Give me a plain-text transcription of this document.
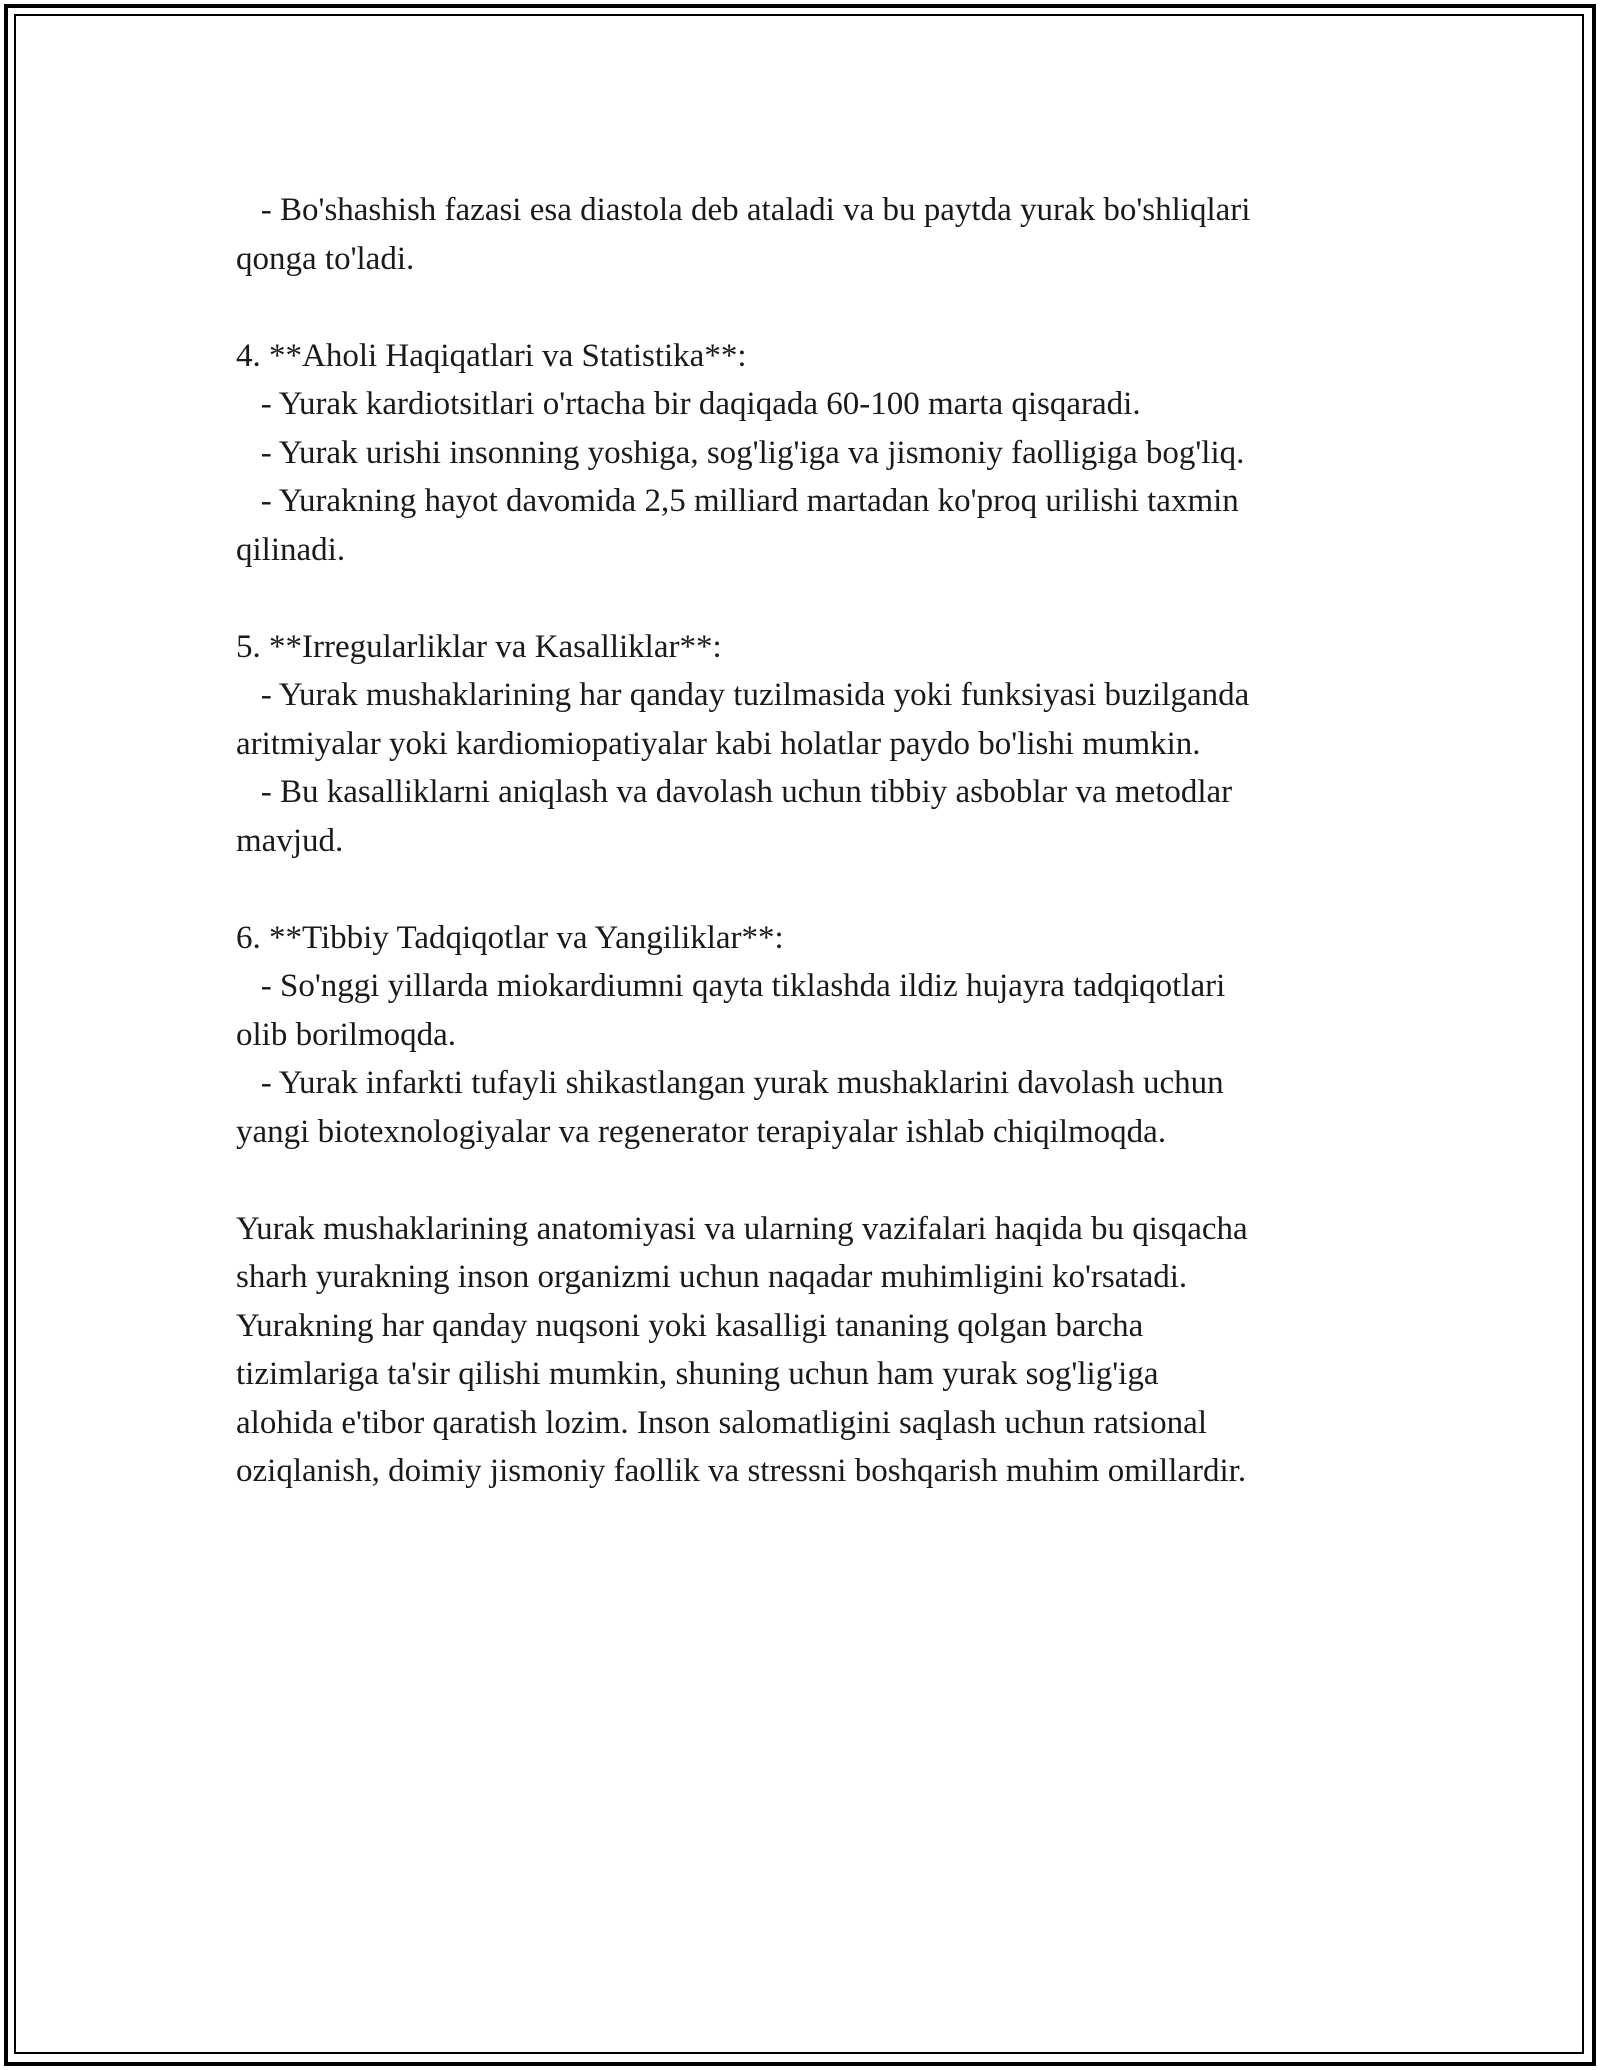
- Bo'shashish fazasi esa diastola deb ataladi va bu paytda yurak bo'shliqlari
qonga to'ladi.
4. **Aholi Haqiqatlari va Statistika**:
- Yurak kardiotsitlari o'rtacha bir daqiqada 60-100 marta qisqaradi.
- Yurak urishi insonning yoshiga, sog'lig'iga va jismoniy faolligiga bog'liq.
- Yurakning hayot davomida 2,5 milliard martadan ko'proq urilishi taxmin
qilinadi.
5. **Irregularliklar va Kasalliklar**:
- Yurak mushaklarining har qanday tuzilmasida yoki funksiyasi buzilganda
aritmiyalar yoki kardiomiopatiyalar kabi holatlar paydo bo'lishi mumkin.
- Bu kasalliklarni aniqlash va davolash uchun tibbiy asboblar va metodlar
mavjud.
6. **Tibbiy Tadqiqotlar va Yangiliklar**:
- So'nggi yillarda miokardiumni qayta tiklashda ildiz hujayra tadqiqotlari
olib borilmoqda.
- Yurak infarkti tufayli shikastlangan yurak mushaklarini davolash uchun
yangi biotexnologiyalar va regenerator terapiyalar ishlab chiqilmoqda.
Yurak mushaklarining anatomiyasi va ularning vazifalari haqida bu qisqacha
sharh yurakning inson organizmi uchun naqadar muhimligini ko'rsatadi.
Yurakning har qanday nuqsoni yoki kasalligi tananing qolgan barcha
tizimlariga ta'sir qilishi mumkin, shuning uchun ham yurak sog'lig'iga
alohida e'tibor qaratish lozim. Inson salomatligini saqlash uchun ratsional
oziqlanish, doimiy jismoniy faollik va stressni boshqarish muhim omillardir.
